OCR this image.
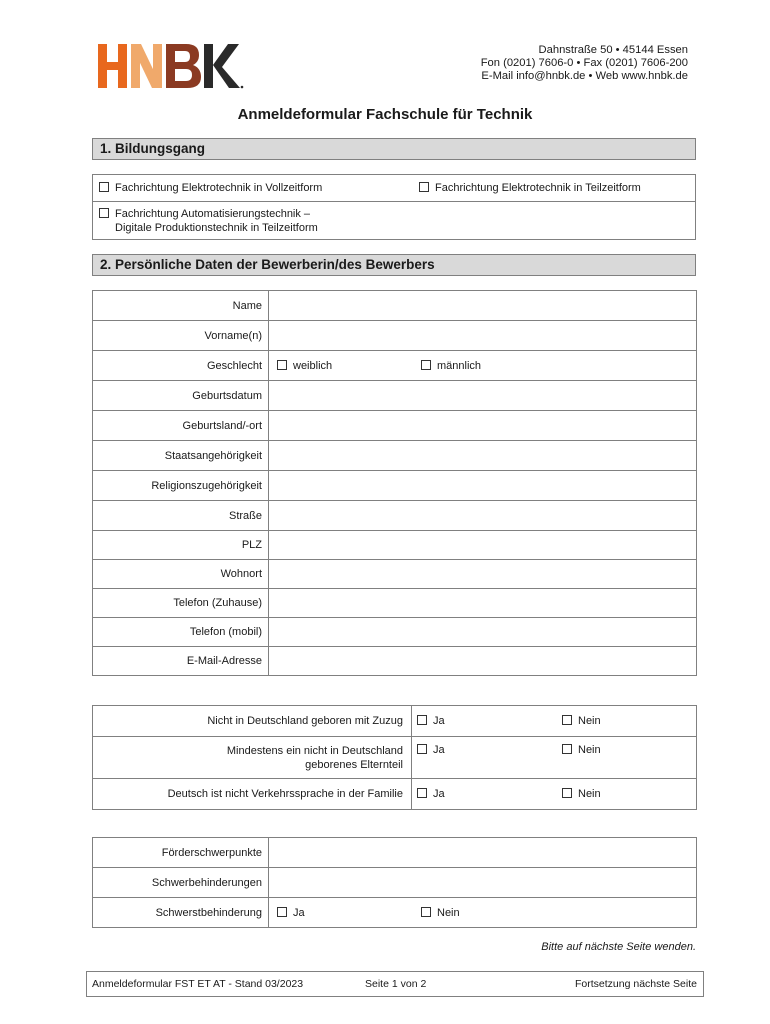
Dahnstraße 50 • 45144 Essen
Fon (0201) 7606-0 • Fax (0201) 7606-200
E-Mail info@hnbk.de • Web www.hnbk.de
Anmeldeformular Fachschule für Technik
1. Bildungsgang
Fachrichtung Elektrotechnik in Vollzeitform	Fachrichtung Elektrotechnik in Teilzeitform
Fachrichtung Automatisierungstechnik –
Digitale Produktionstechnik in Teilzeitform
2. Persönliche Daten der Bewerberin/des Bewerbers
Name	
Vorname(n)	
Geschlecht	weiblich männlich

Geburtsdatum	
Geburtsland/-ort	
Staatsangehörigkeit	
Religionszugehörigkeit	
Straße	
PLZ	
Wohnort	
Telefon (Zuhause)	
Telefon (mobil)	
E-Mail-Adresse	
Nicht in Deutschland geboren mit Zuzug	Ja Nein

Mindestens ein nicht in Deutschland
geborenes Elternteil	Ja Nein

Deutsch ist nicht Verkehrssprache in der Familie	Ja Nein
Förderschwerpunkte	
Schwerbehinderungen	
Schwerstbehinderung	Ja Nein
Bitte auf nächste Seite wenden.
Anmeldeformular FST ET AT - Stand 03/2023	Seite 1 von 2	Fortsetzung nächste Seite
